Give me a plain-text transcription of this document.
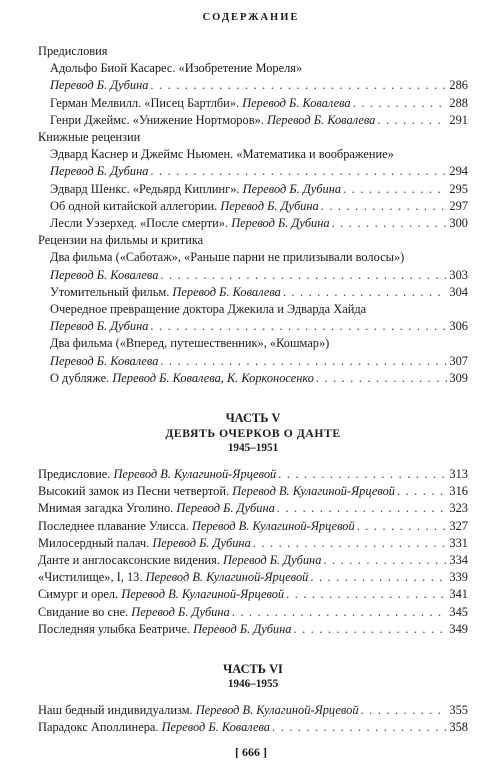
СОДЕРЖАНИЕ
Предисловия
Адольфо Биой Касарес. «Изобретение Мореля»
Перевод Б. Дубина . . .	286
Герман Мелвилл. «Писец Бартлби». Перевод Б. Ковалева . . .	288
Генри Джеймс. «Унижение Нортморов». Перевод Б. Ковалева . . .	291
Книжные рецензии
Эдвард Каснер и Джеймс Ньюмен. «Математика и воображение»
Перевод Б. Дубина . . .	294
Эдвард Шенкс. «Редьярд Киплинг». Перевод Б. Дубина . . .	295
Об одной китайской аллегории. Перевод Б. Дубина . . .	297
Лесли Уэзерхед. «После смерти». Перевод Б. Дубина . . .	300
Рецензии на фильмы и критика
Два фильма («Саботаж», «Раньше парни не прилизывали волосы»)
Перевод Б. Ковалева . . .	303
Утомительный фильм. Перевод Б. Ковалева . . .	304
Очередное превращение доктора Джекила и Эдварда Хайда
Перевод Б. Дубина . . .	306
Два фильма («Вперед, путешественник», «Кошмар»)
Перевод Б. Ковалева . . .	307
О дубляже. Перевод Б. Ковалева, К. Корконосенко . . .	309
ЧАСТЬ V
ДЕВЯТЬ ОЧЕРКОВ О ДАНТЕ
1945–1951
Предисловие. Перевод В. Кулагиной-Ярцевой . . .	313
Высокий замок из Песни четвертой. Перевод В. Кулагиной-Ярцевой . . .	316
Мнимая загадка Уголино. Перевод Б. Дубина . . .	323
Последнее плавание Улисса. Перевод В. Кулагиной-Ярцевой . . .	327
Милосердный палач. Перевод Б. Дубина . . .	331
Данте и англосаксонские видения. Перевод Б. Дубина . . .	334
«Чистилище», I, 13. Перевод В. Кулагиной-Ярцевой . . .	339
Симург и орел. Перевод В. Кулагиной-Ярцевой . . .	341
Свидание во сне. Перевод Б. Дубина . . .	345
Последняя улыбка Беатриче. Перевод Б. Дубина . . .	349
ЧАСТЬ VI
1946–1955
Наш бедный индивидуализм. Перевод В. Кулагиной-Ярцевой . . .	355
Парадокс Аполлинера. Перевод Б. Ковалева . . .	358
[ 666 ]
